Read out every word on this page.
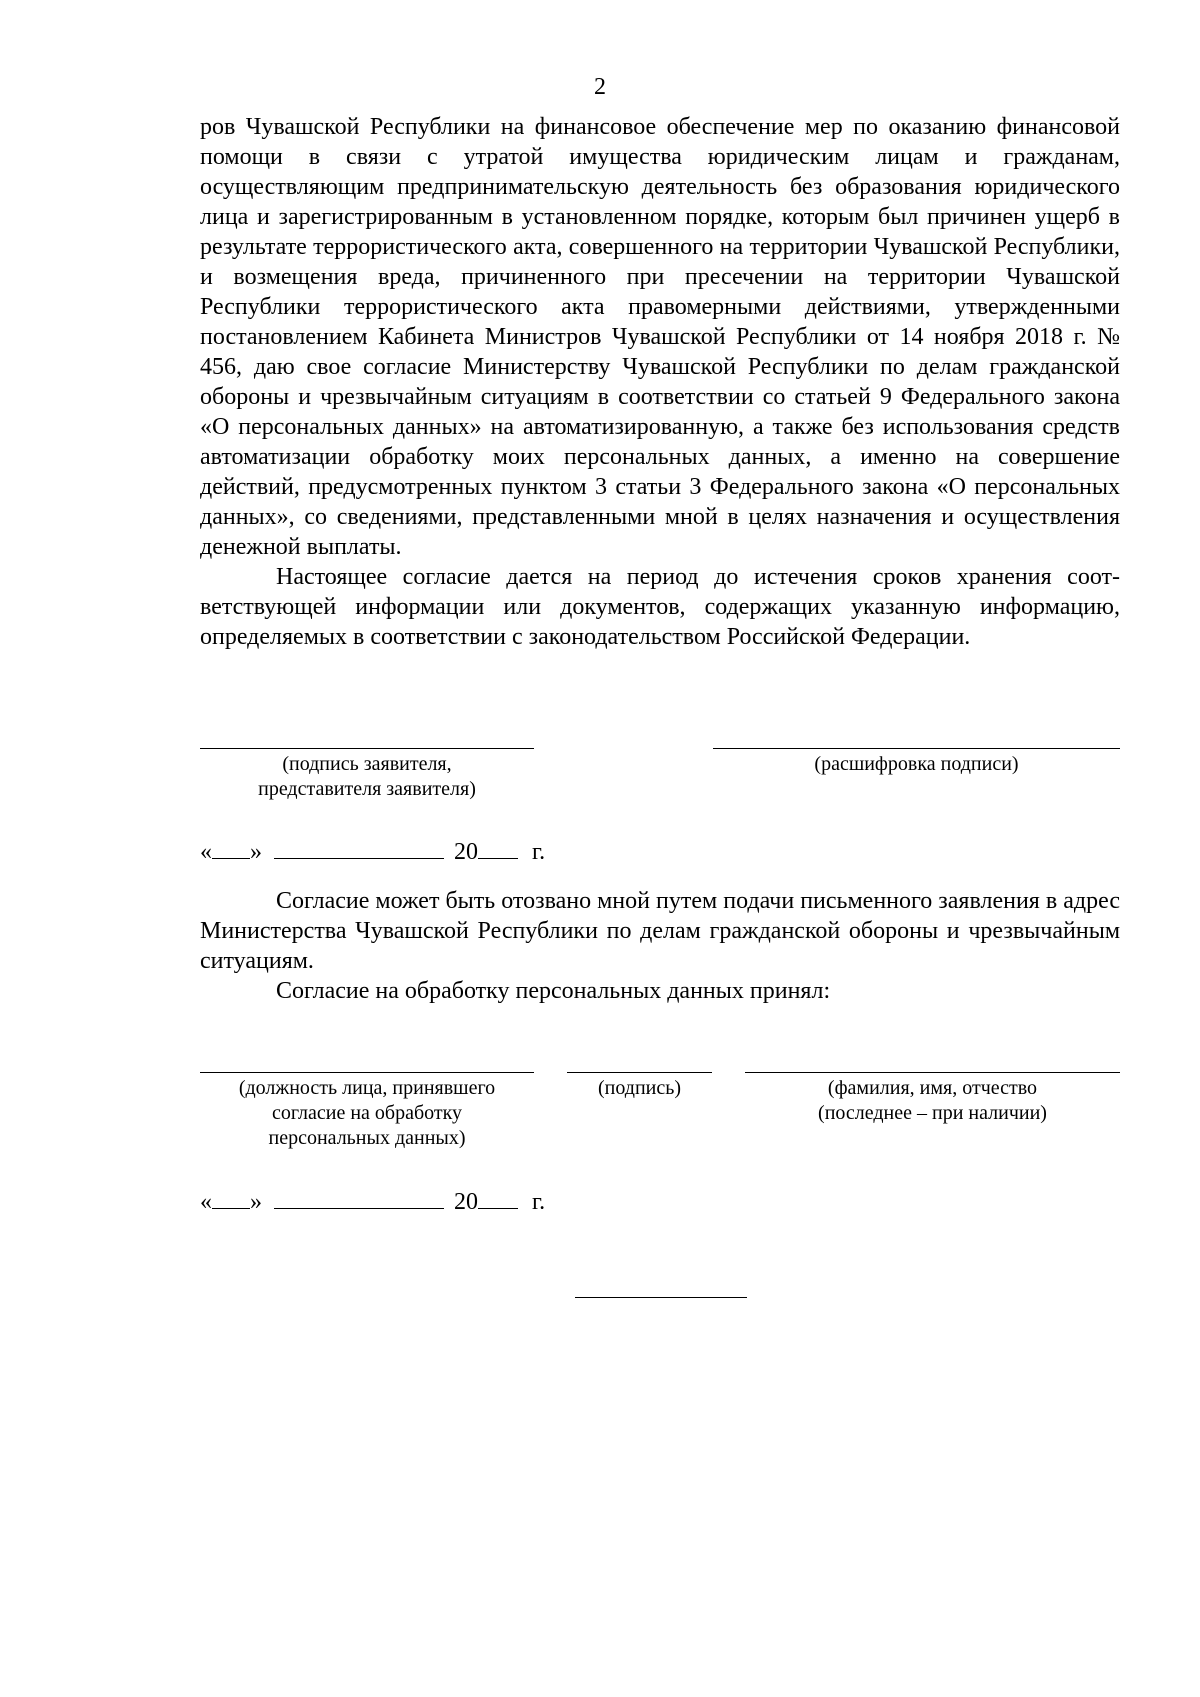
2

ров Чувашской Республики на финансовое обеспечение мер по оказанию финансовой помощи в связи с утратой имущества юридическим лицам и гражданам, осуществляющим предпринимательскую деятельность без образования юридического лица и зарегистрированным в установленном порядке, которым был причинен ущерб в результате террористического акта, совершенного на территории Чувашской Республики, и возмещения вреда, причиненного при пресечении на территории Чувашской Республики террористического акта правомерными действиями, утвержденными постановлением Кабинета Министров Чувашской Республики от 14 ноября 2018 г. № 456, даю свое согласие Министерству Чувашской Республики по делам гражданской обороны и чрезвычайным ситуациям в соответствии со статьей 9 Федерального закона «О персональных данных» на автоматизированную, а также без использования средств автоматизации обработку моих персональных данных, а именно на совершение действий, предусмотренных пунктом 3 статьи 3 Федерального закона «О персональных данных», со сведениями, представленными мной в целях назначения и осуществления денежной выплаты.

Настоящее согласие дается на период до истечения сроков хранения соответствующей информации или документов, содержащих указанную информацию, определяемых в соответствии с законодательством Российской Федерации.

(подпись заявителя,
представителя заявителя)
(расшифровка подписи)
« »	20 г.

Согласие может быть отозвано мной путем подачи письменного заявления в адрес Министерства Чувашской Республики по делам гражданской обороны и чрезвычайным ситуациям.

Согласие на обработку персональных данных принял:

(должность лица, принявшего
согласие на обработку
персональных данных)
(подпись)	(фамилия, имя, отчество
(последнее – при наличии)
« »	20 г.
